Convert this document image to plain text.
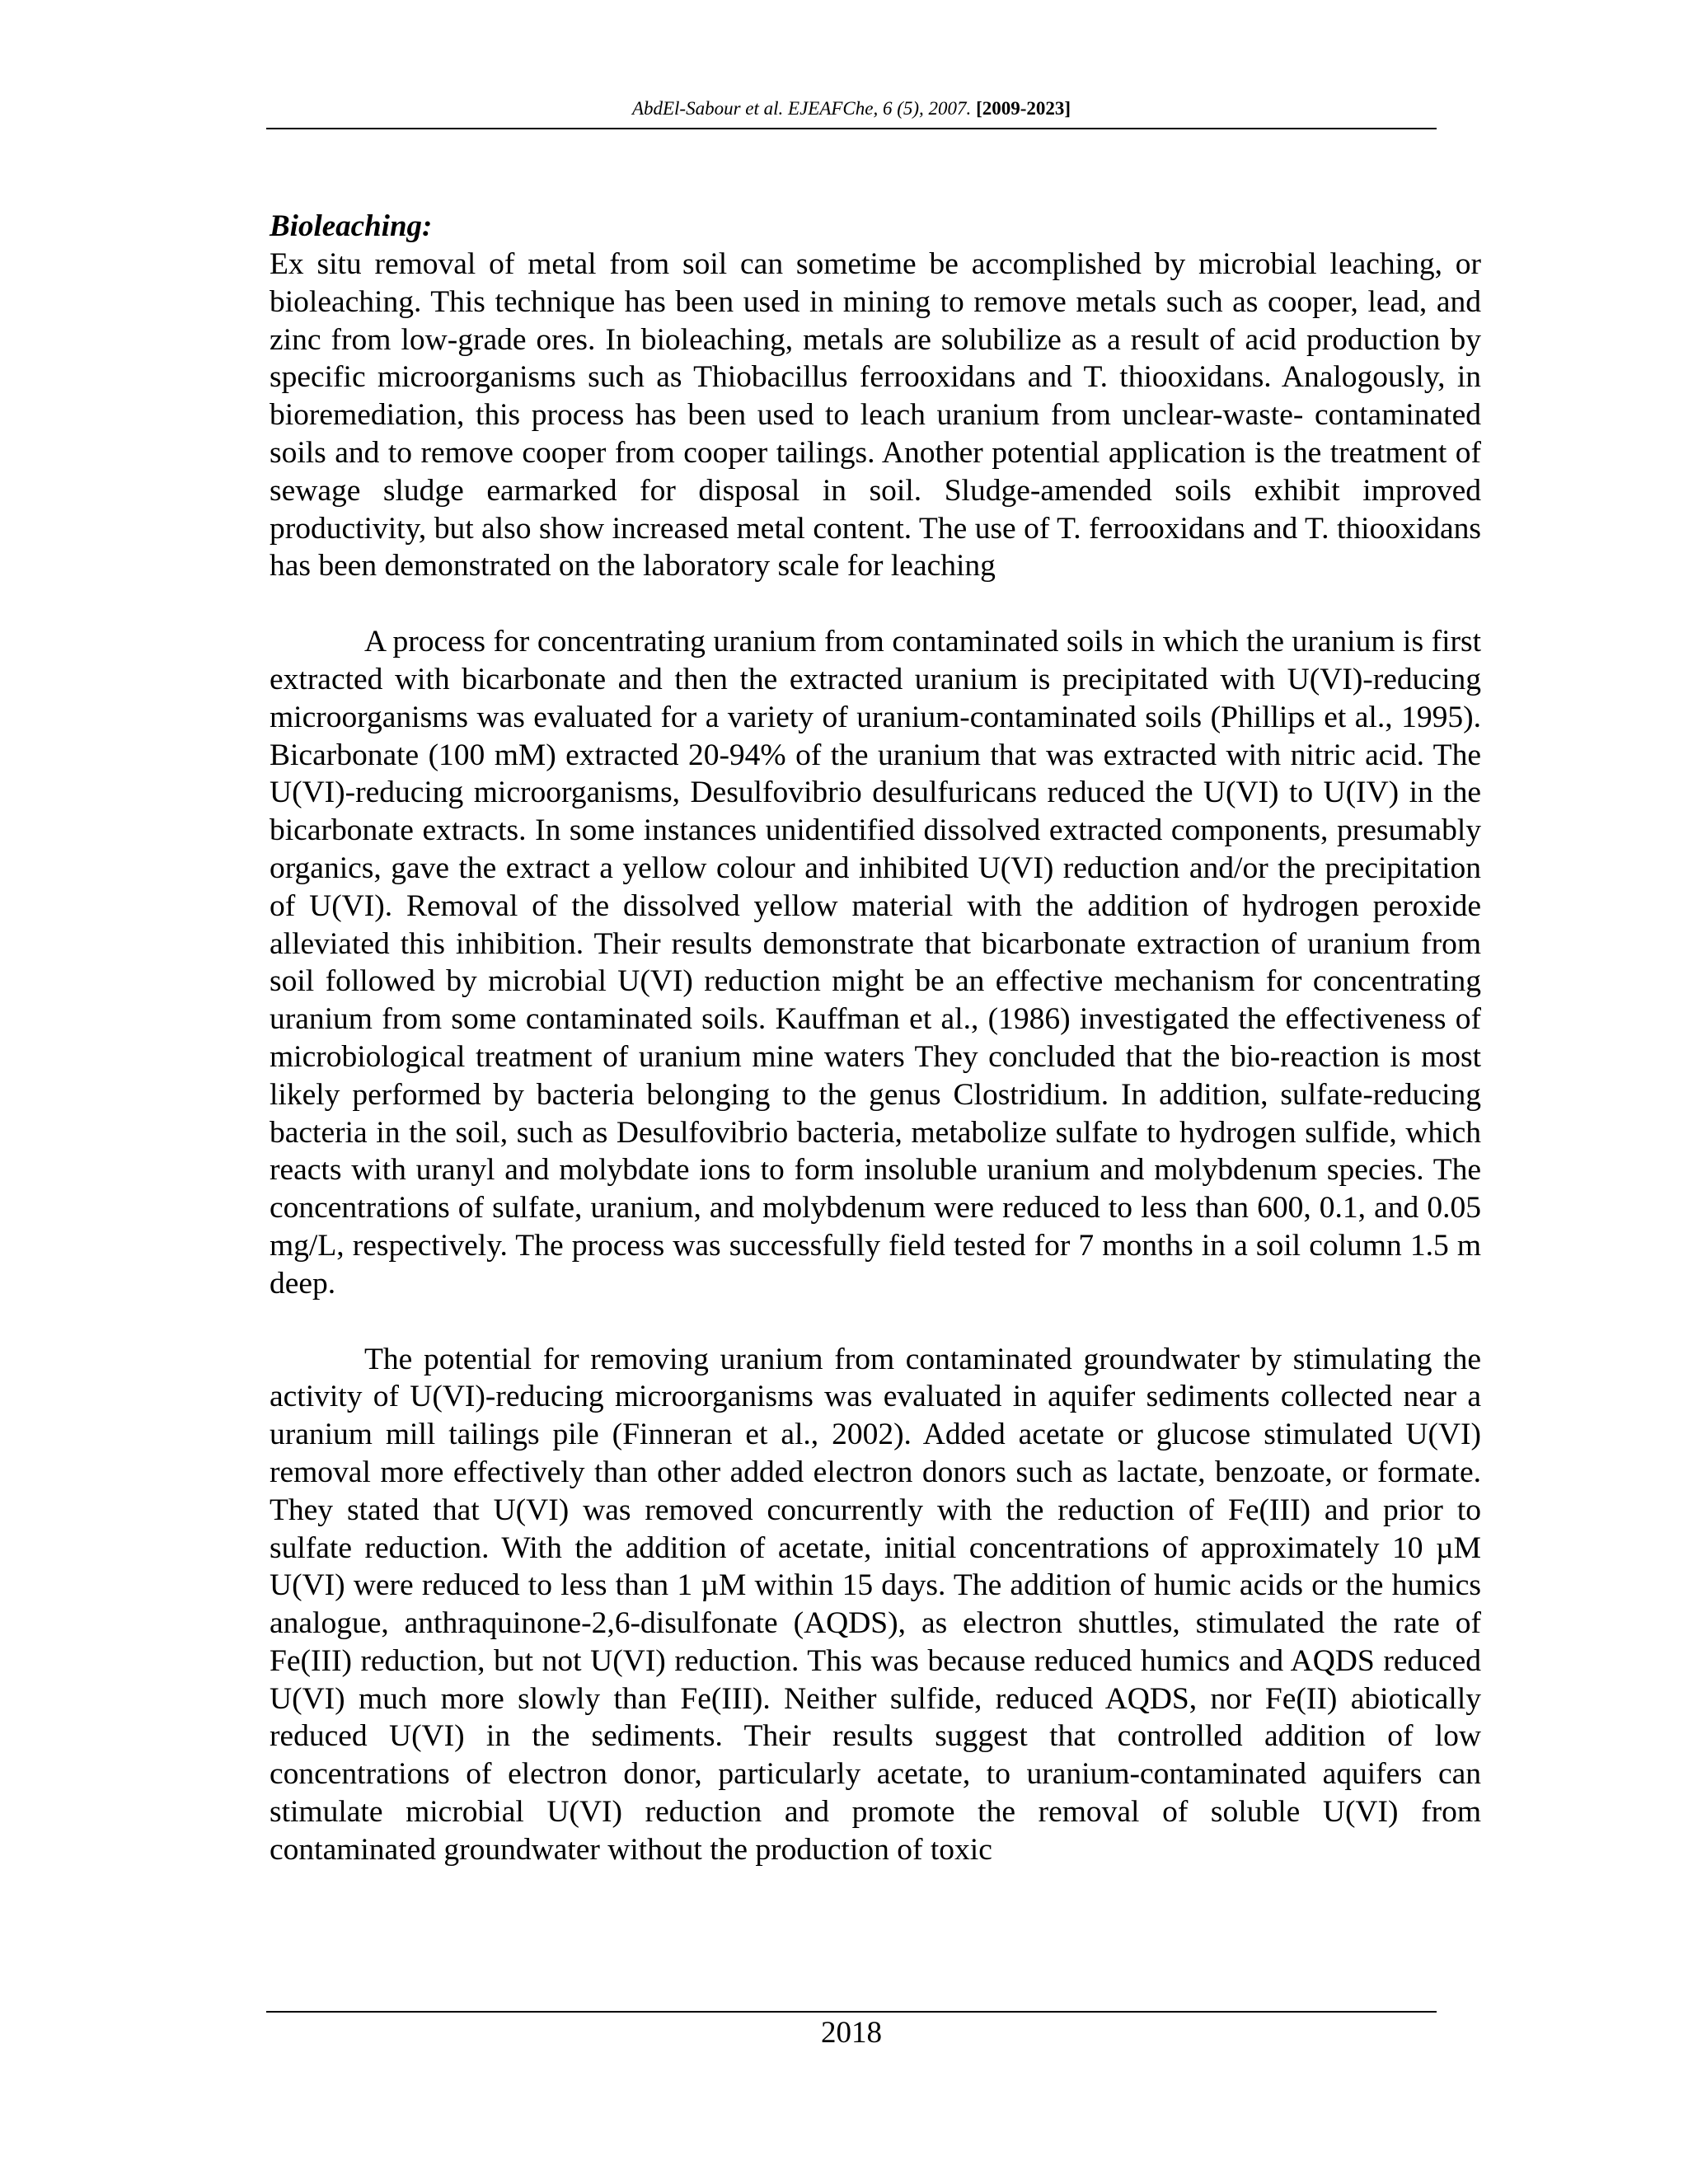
AbdEl-Sabour et al. EJEAFChe, 6 (5), 2007. [2009-2023]

Bioleaching:

Ex situ removal of metal from soil can sometime be accomplished by microbial leaching, or bioleaching. This technique has been used in mining to remove metals such as cooper, lead, and zinc from low-grade ores. In bioleaching, metals are solubilize as a result of acid production by specific microorganisms such as Thiobacillus ferrooxidans and T. thiooxidans. Analogously, in bioremediation, this process has been used to leach uranium from unclear-waste- contaminated soils and to remove cooper from cooper tailings. Another potential application is the treatment of sewage sludge earmarked for disposal in soil. Sludge-amended soils exhibit improved productivity, but also show increased metal content. The use of T. ferrooxidans and T. thiooxidans has been demonstrated on the laboratory scale for leaching

A process for concentrating uranium from contaminated soils in which the uranium is first extracted with bicarbonate and then the extracted uranium is precipitated with U(VI)-reducing microorganisms was evaluated for a variety of uranium-contaminated soils (Phillips et al., 1995). Bicarbonate (100 mM) extracted 20-94% of the uranium that was extracted with nitric acid. The U(VI)-reducing microorganisms, Desulfovibrio desulfuricans reduced the U(VI) to U(IV) in the bicarbonate extracts. In some instances unidentified dissolved extracted components, presumably organics, gave the extract a yellow colour and inhibited U(VI) reduction and/or the precipitation of U(VI). Removal of the dissolved yellow material with the addition of hydrogen peroxide alleviated this inhibition. Their results demonstrate that bicarbonate extraction of uranium from soil followed by microbial U(VI) reduction might be an effective mechanism for concentrating uranium from some contaminated soils. Kauffman et al., (1986) investigated the effectiveness of microbiological treatment of uranium mine waters They concluded that the bio-reaction is most likely performed by bacteria belonging to the genus Clostridium. In addition, sulfate-reducing bacteria in the soil, such as Desulfovibrio bacteria, metabolize sulfate to hydrogen sulfide, which reacts with uranyl and molybdate ions to form insoluble uranium and molybdenum species. The concentrations of sulfate, uranium, and molybdenum were reduced to less than 600, 0.1, and 0.05 mg/L, respectively. The process was successfully field tested for 7 months in a soil column 1.5 m deep.

The potential for removing uranium from contaminated groundwater by stimulating the activity of U(VI)-reducing microorganisms was evaluated in aquifer sediments collected near a uranium mill tailings pile (Finneran et al., 2002). Added acetate or glucose stimulated U(VI) removal more effectively than other added electron donors such as lactate, benzoate, or formate. They stated that U(VI) was removed concurrently with the reduction of Fe(III) and prior to sulfate reduction. With the addition of acetate, initial concentrations of approximately 10 µM U(VI) were reduced to less than 1 µM within 15 days. The addition of humic acids or the humics analogue, anthraquinone-2,6-disulfonate (AQDS), as electron shuttles, stimulated the rate of Fe(III) reduction, but not U(VI) reduction. This was because reduced humics and AQDS reduced U(VI) much more slowly than Fe(III). Neither sulfide, reduced AQDS, nor Fe(II) abiotically reduced U(VI) in the sediments. Their results suggest that controlled addition of low concentrations of electron donor, particularly acetate, to uranium-contaminated aquifers can stimulate microbial U(VI) reduction and promote the removal of soluble U(VI) from contaminated groundwater without the production of toxic

2018
